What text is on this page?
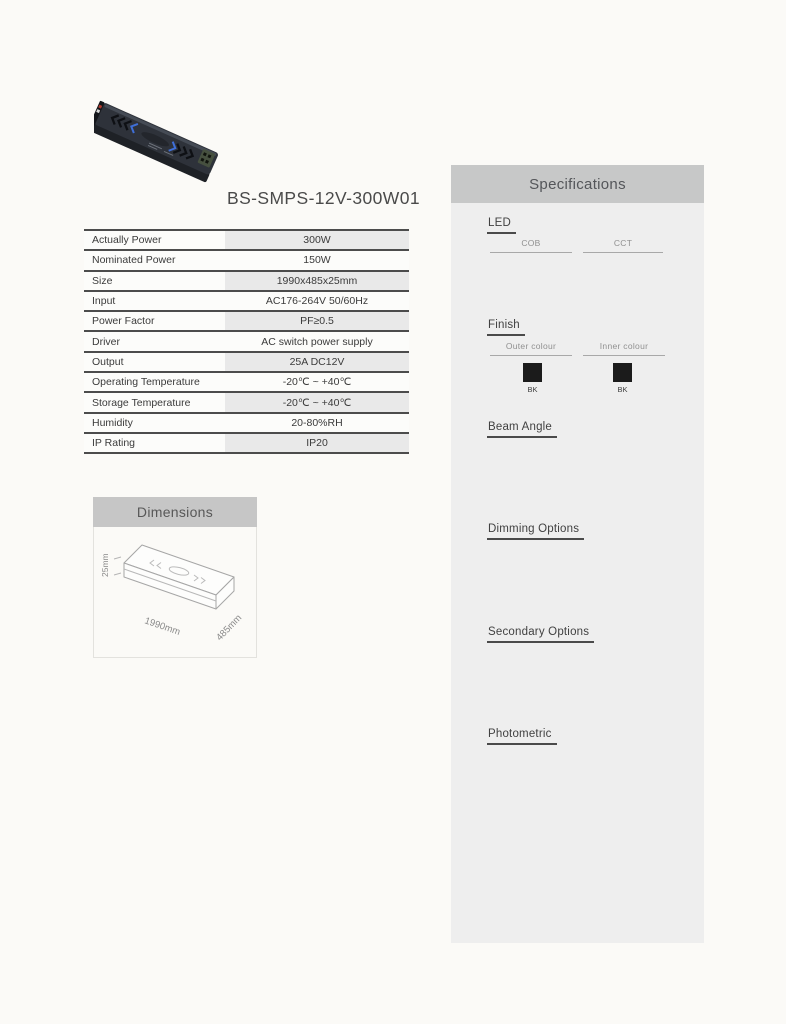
BS-SMPS-12V-300W01
Actually Power	300W
Nominated Power	150W
Size	1990x485x25mm
Input	AC176-264V 50/60Hz
Power Factor	PF≥0.5
Driver	AC switch power supply
Output	25A DC12V
Operating Temperature	-20℃ ~ +40℃
Storage Temperature	-20℃ ~ +40℃
Humidity	20-80%RH
IP Rating	IP20
Dimensions
25mm
1990mm	485mm
Specifications
LED
COB	CCT
Finish
Outer colour	Inner colour
BK	BK
Beam Angle
Dimming Options
Secondary Options
Photometric
